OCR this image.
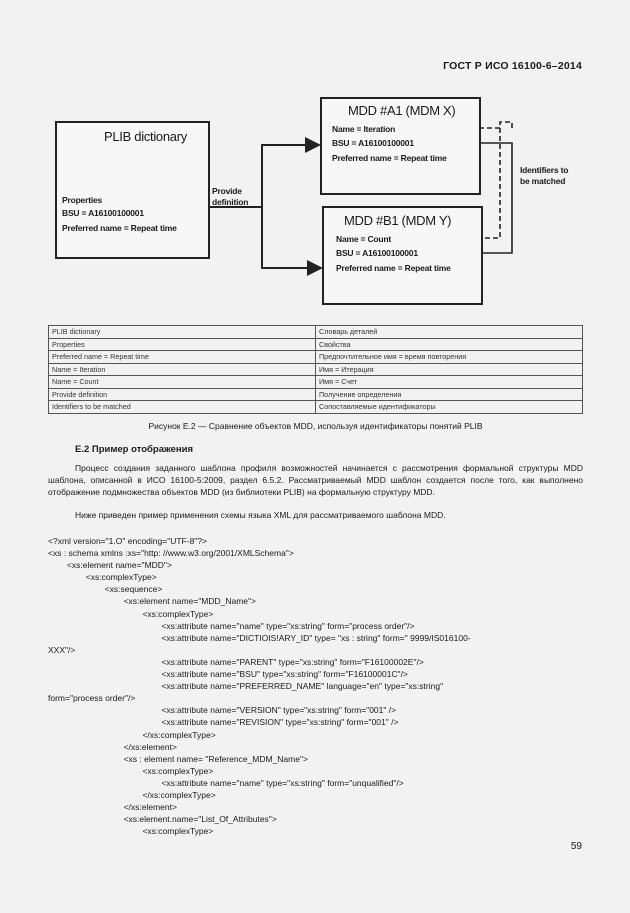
ГОСТ Р ИСО 16100-6–2014
PLIB dictionary
Properties
BSU = A16100100001
Preferred name = Repeat time
Provide
definition
MDD #A1 (MDM X)
Name = Iteration
BSU = A16100100001
Preferred name = Repeat time
MDD #B1 (MDM Y)
Name = Count
BSU = A16100100001
Preferred name = Repeat time
Identifiers to
be matched
PLIB dictionary	Словарь деталей
Properties	Свойства
Preferred name = Repeat time	Предпочтительное имя = время повторения
Name = Iteration	Имя = Итерация
Name = Count	Имя = Счет
Provide definition	Получение определения
Identifiers to be matched	Сопоставляемые идентификаторы
Рисунок Е.2 — Сравнение объектов MDD, используя идентификаторы понятий PLIB
Е.2 Пример отображения
Процесс создания заданного шаблона профиля возможностей начинается с рассмотрения формальной структуры MDD шаблона, описанной в ИСО 16100-5:2009, раздел 6.5.2. Рассматриваемый MDD шаблон создается после того, как выполнено отображение подмножества объектов MDD (из библиотеки PLIB) на формальную структуру MDD.
Ниже приведен пример применения схемы языка XML для рассматриваемого шаблона MDD.
<?xml version="1.O" encoding="UTF-8"?>
<xs : schema xmlns :xs="http: //www.w3.org/2001/XMLSchema">
<xs:element name="MDD">
<xs:complexType>
<xs:sequence>
<xs:element name="MDD_Name">
<xs:complexType>
<xs:attribute name="name" type="xs:string" form="process order"/>
<xs:attribute name="DICTIOIS!ARY_ID" type= "xs : string" form=" 9999/IS016100-
XXX"/>
<xs:attribute name="PARENT" type="xs:string" form="F16100002E"/>
<xs:attribute name="BSU" type="xs:string" form="F16100001C"/>
<xs:attribute name="PREFERRED_NAME" language="en" type="xs:string"
form="process order"/>
<xs:attribute name="VERSION" type="xs:string" form="001" />
<xs:attribute name="REVISION" type="xs:string" form="001" />
</xs:complexType>
</xs:element>
<xs : element name= "Reference_MDM_Name">
<xs:complexType>
<xs:attribute name="name" type="xs:string" form="unqualified"/>
</xs:complexType>
</xs:element>
<xs:element.name="List_Of_Attributes">
<xs:complexType>
59
